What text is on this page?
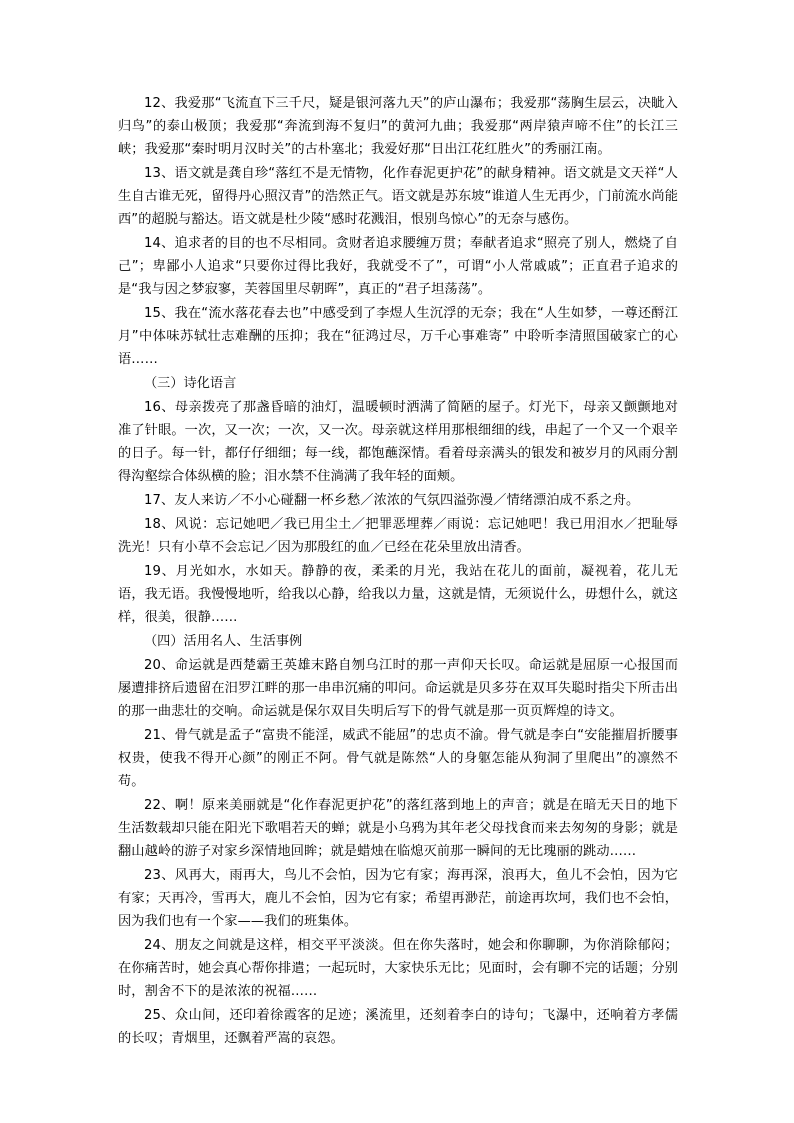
12、我爱那“飞流直下三千尺，疑是银河落九天”的庐山瀑布；我爱那“荡胸生层云，决眦入归鸟”的泰山极顶；我爱那“奔流到海不复归”的黄河九曲；我爱那“两岸猿声啼不住”的长江三峡；我爱那“秦时明月汉时关”的古朴塞北；我爱好那“日出江花红胜火”的秀丽江南。

13、语文就是龚自珍“落红不是无情物，化作春泥更护花”的献身精神。语文就是文天祥“人生自古谁无死，留得丹心照汉青”的浩然正气。语文就是苏东坡“谁道人生无再少，门前流水尚能西”的超脱与豁达。语文就是杜少陵“感时花溅泪，恨别鸟惊心”的无奈与感伤。

14、追求者的目的也不尽相同。贪财者追求腰缠万贯；奉献者追求“照亮了别人，燃烧了自己”；卑鄙小人追求“只要你过得比我好，我就受不了”，可谓“小人常戚戚”；正直君子追求的是“我与因之梦寂寥，芙蓉国里尽朝晖”，真正的“君子坦荡荡”。

15、我在“流水落花春去也”中感受到了李煜人生沉浮的无奈；我在“人生如梦，一尊还酹江月”中体味苏轼壮志难酬的压抑；我在“征鸿过尽，万千心事难寄” 中聆听李清照国破家亡的心语……

（三）诗化语言

16、母亲拨亮了那盏昏暗的油灯，温暖顿时洒满了简陋的屋子。灯光下，母亲又颤颤地对准了针眼。一次，又一次；一次，又一次。母亲就这样用那根细细的线，串起了一个又一个艰辛的日子。每一针，都仔仔细细；每一线，都饱蘸深情。看着母亲满头的银发和被岁月的风雨分割得沟壑综合体纵横的脸；泪水禁不住淌满了我年轻的面颊。

17、友人来访／不小心碰翻一杯乡愁／浓浓的气氛四溢弥漫／情绪漂泊成不系之舟。

18、风说：忘记她吧／我已用尘土／把罪恶埋葬／雨说：忘记她吧！我已用泪水／把耻辱洗光！只有小草不会忘记／因为那殷红的血／已经在花朵里放出清香。

19、月光如水，水如天。静静的夜，柔柔的月光，我站在花儿的面前，凝视着，花儿无语，我无语。我慢慢地听，给我以心静，给我以力量，这就是情，无须说什么，毋想什么，就这样，很美，很静……

（四）活用名人、生活事例

20、命运就是西楚霸王英雄末路自刎乌江时的那一声仰天长叹。命运就是屈原一心报国而屡遭排挤后遗留在汨罗江畔的那一串串沉痛的叩问。命运就是贝多芬在双耳失聪时指尖下所击出的那一曲悲壮的交响。命运就是保尔双目失明后写下的骨气就是那一页页辉煌的诗文。

21、骨气就是孟子“富贵不能淫，威武不能屈”的忠贞不渝。骨气就是李白“安能摧眉折腰事权贵，使我不得开心颜”的刚正不阿。骨气就是陈然“人的身躯怎能从狗洞了里爬出”的凛然不苟。

22、啊！原来美丽就是“化作春泥更护花”的落红落到地上的声音；就是在暗无天日的地下生活数载却只能在阳光下歌唱若天的蝉；就是小乌鸦为其年老父母找食而来去匆匆的身影；就是翻山越岭的游子对家乡深情地回眸；就是蜡烛在临熄灭前那一瞬间的无比瑰丽的跳动……

23、风再大，雨再大，鸟儿不会怕，因为它有家；海再深，浪再大，鱼儿不会怕，因为它有家；天再冷，雪再大，鹿儿不会怕，因为它有家；希望再渺茫，前途再坎坷，我们也不会怕，因为我们也有一个家——我们的班集体。

24、朋友之间就是这样，相交平平淡淡。但在你失落时，她会和你聊聊，为你消除郁闷；在你痛苦时，她会真心帮你排遣；一起玩时，大家快乐无比；见面时，会有聊不完的话题；分别时，割舍不下的是浓浓的祝福……

25、众山间，还印着徐霞客的足迹；溪流里，还刻着李白的诗句；飞瀑中，还响着方孝儒的长叹；青烟里，还飘着严嵩的哀怨。
